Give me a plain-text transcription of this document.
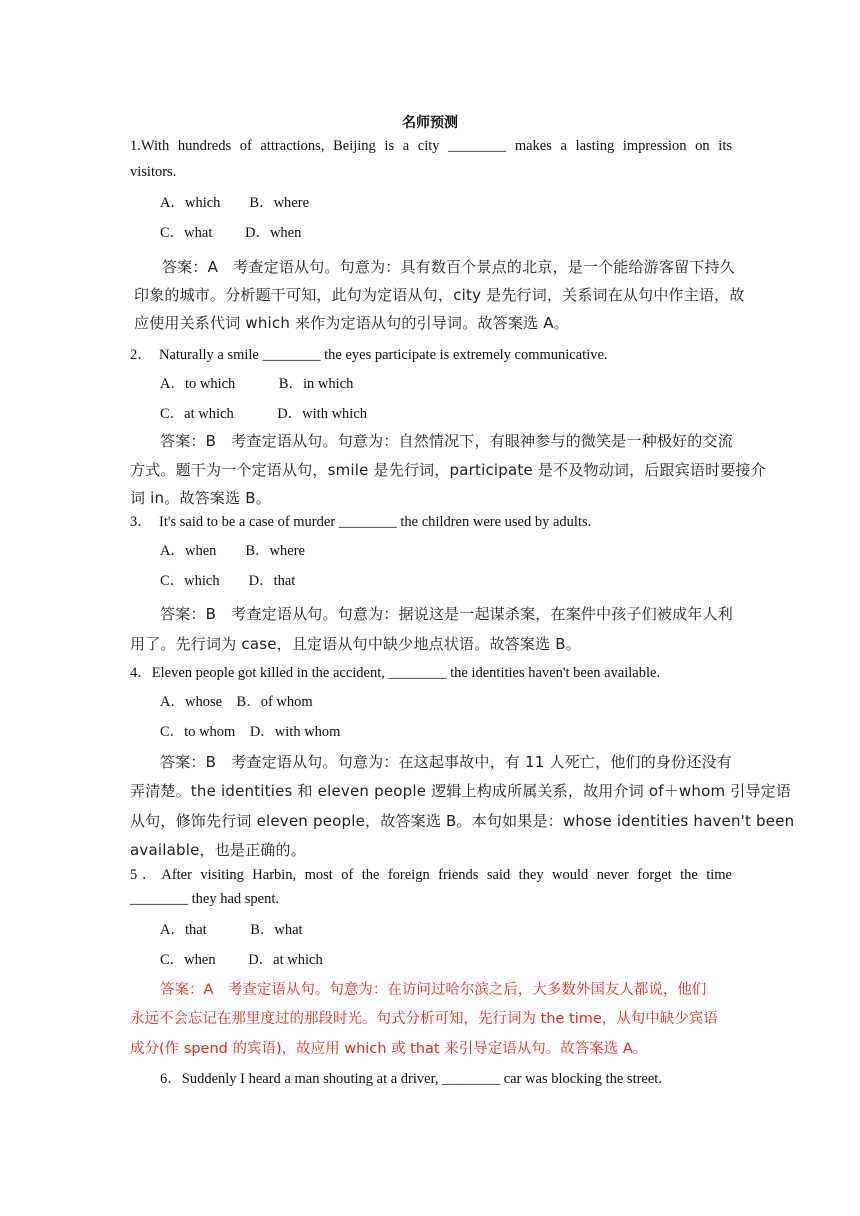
名师预测
1.With hundreds of attractions, Beijing is a city ________ makes a lasting impression on its
visitors.
A．which　　B．where
C．what　　 D．when
答案：A　考查定语从句。句意为：具有数百个景点的北京，是一个能给游客留下持久
印象的城市。分析题干可知，此句为定语从句，city 是先行词，关系词在从句中作主语，故
应使用关系代词 which 来作为定语从句的引导词。故答案选 A。
2．　Naturally a smile ________ the eyes participate is extremely communicative.
A．to which　　　B．in which
C．at which　　　D．with which
答案：B　考查定语从句。句意为：自然情况下，有眼神参与的微笑是一种极好的交流
方式。题干为一个定语从句，smile 是先行词，participate 是不及物动词，后跟宾语时要接介
词 in。故答案选 B。
3．　It's said to be a case of murder ________ the children were used by adults.
A．when　　B．where
C．which　　D．that
答案：B　考查定语从句。句意为：据说这是一起谋杀案，在案件中孩子们被成年人利
用了。先行词为 case，且定语从句中缺少地点状语。故答案选 B。
4．Eleven people got killed in the accident, ________ the identities haven't been available.
A．whose　B．of whom
C．to whom　D．with whom
答案：B　考查定语从句。句意为：在这起事故中，有 11 人死亡，他们的身份还没有
弄清楚。the identities 和 eleven people 逻辑上构成所属关系，故用介词 of＋whom 引导定语
从句，修饰先行词 eleven people，故答案选 B。本句如果是：whose identities haven't been
available，也是正确的。
5．After visiting Harbin, most of the foreign friends said they would never forget the time
________ they had spent.
A．that　　　B．what
C．when　　 D．at which
答案：A　考查定语从句。句意为：在访问过哈尔滨之后，大多数外国友人都说，他们
永远不会忘记在那里度过的那段时光。句式分析可知，先行词为 the time，从句中缺少宾语
成分(作 spend 的宾语)，故应用 which 或 that 来引导定语从句。故答案选 A。
6．Suddenly I heard a man shouting at a driver, ________ car was blocking the street.
